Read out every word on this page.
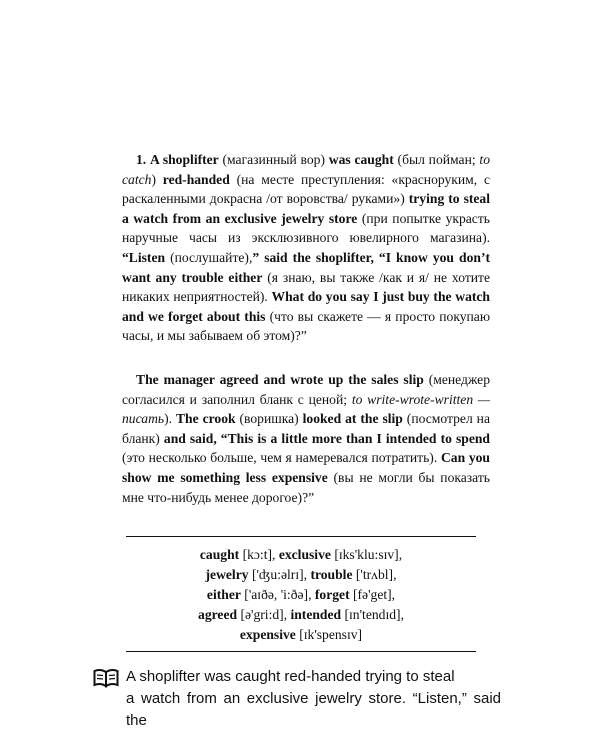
1. A shoplifter (магазинный вор) was caught (был пойман; to catch) red-handed (на месте преступления: «красноруким, с раскаленными докрасна /от воровства/ руками») trying to steal a watch from an exclusive jewelry store (при попытке украсть наручные часы из эксклюзивного ювелирного магазина). “Listen (послушайте),” said the shoplifter, “I know you don’t want any trouble either (я знаю, вы также /как и я/ не хотите никаких неприятностей). What do you say I just buy the watch and we forget about this (что вы скажете — я просто покупаю часы, и мы забываем об этом)?”

The manager agreed and wrote up the sales slip (менеджер согласился и заполнил бланк с ценой; to write-wrote-written — писать). The crook (воришка) looked at the slip (посмотрел на бланк) and said, “This is a little more than I intended to spend (это несколько больше, чем я намеревался потратить). Can you show me something less expensive (вы не могли бы показать мне что-нибудь менее дорогое)?”

caught [kɔ:t], exclusive [ɪks'klu:sɪv],
jewelry ['ʤu:əlrɪ], trouble ['trʌbl],
either ['aɪðə, 'i:ðə], forget [fə'get],
agreed [ə'gri:d], intended [ɪn'tendɪd],
expensive [ɪk'spensɪv]

A shoplifter was caught red-handed trying to steal
a watch from an exclusive jewelry store. “Listen,” said the
